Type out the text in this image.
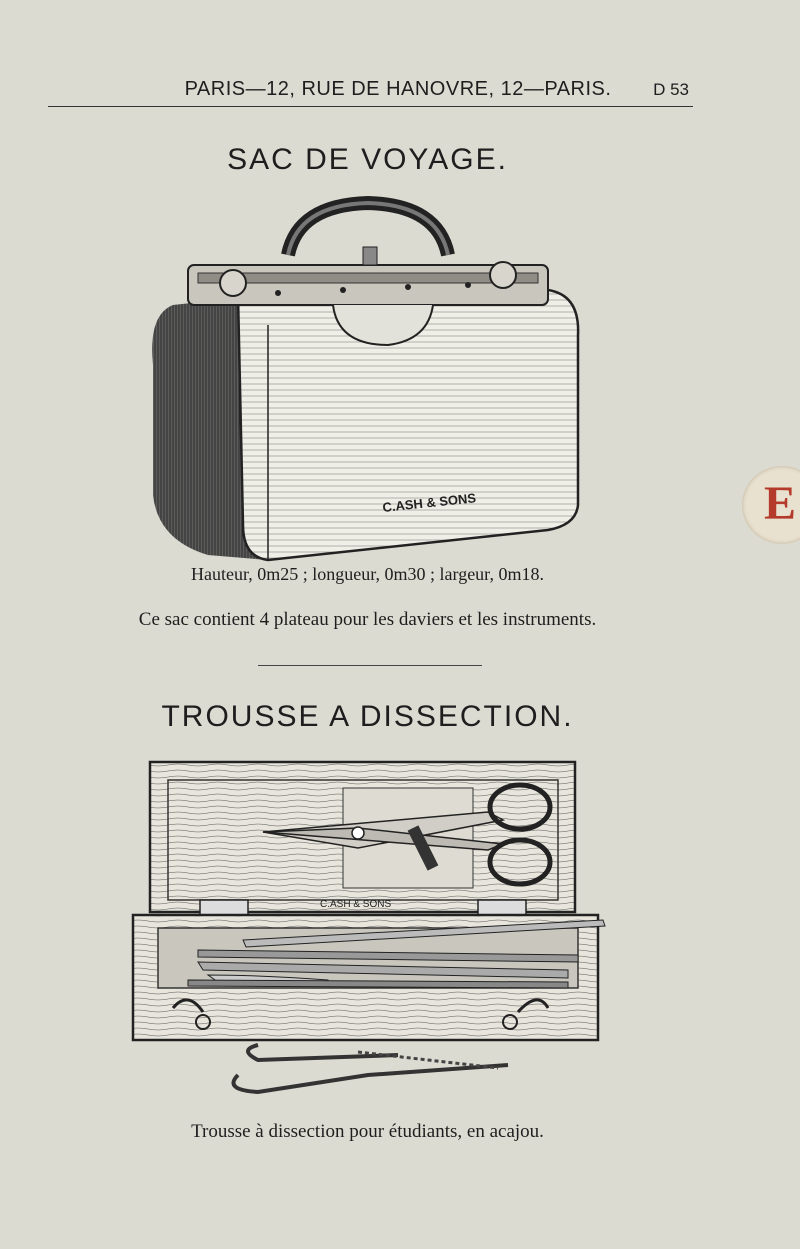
PARIS—12, RUE DE HANOVRE, 12—PARIS.	D 53
SAC DE VOYAGE.
C.ASH & SONS
Hauteur, 0m25 ; longueur, 0m30 ; largeur, 0m18.
Ce sac contient 4 plateau pour les daviers et les instruments.
TROUSSE A DISSECTION.
C.ASH & SONS
Trousse à dissection pour étudiants, en acajou.
E
